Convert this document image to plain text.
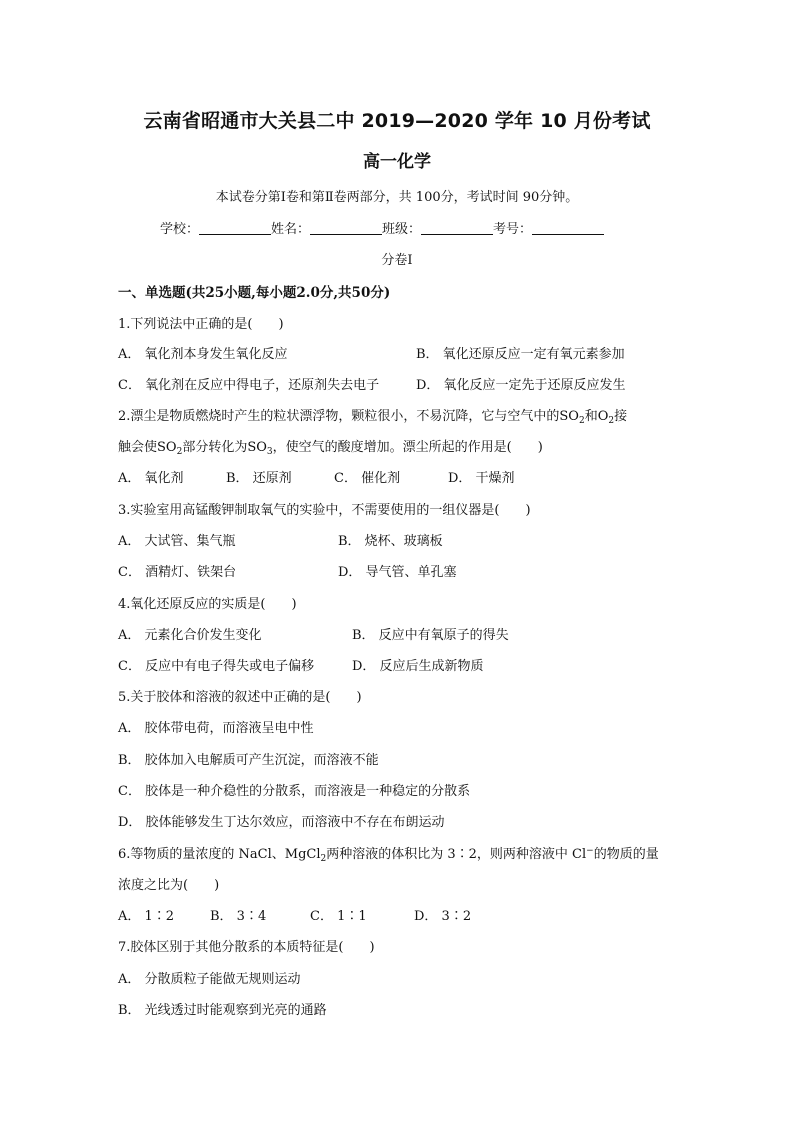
云南省昭通市大关县二中 2019—2020 学年 10 月份考试
高一化学
本试卷分第Ⅰ卷和第Ⅱ卷两部分，共 100分，考试时间 90分钟。
学校：	姓名：	班级：	考号：
分卷Ⅰ
一、单选题(共25小题,每小题2.0分,共50分)
1.下列说法中正确的是(　　)
A． 氧化剂本身发生氧化反应	B． 氧化还原反应一定有氧元素参加
C． 氧化剂在反应中得电子，还原剂失去电子	D． 氧化反应一定先于还原反应发生
2.漂尘是物质燃烧时产生的粒状漂浮物，颗粒很小，不易沉降，它与空气中的$SO_2$和$O_2$接
触会使$SO_2$部分转化为$SO_3$，使空气的酸度增加。漂尘所起的作用是(　　)
A． 氧化剂	B． 还原剂	C． 催化剂	D． 干燥剂
3.实验室用高锰酸钾制取氧气的实验中，不需要使用的一组仪器是(　　)
A． 大试管、集气瓶	B． 烧杯、玻璃板
C． 酒精灯、铁架台	D． 导气管、单孔塞
4.氧化还原反应的实质是(　　)
A． 元素化合价发生变化	B． 反应中有氧原子的得失
C． 反应中有电子得失或电子偏移	D． 反应后生成新物质
5.关于胶体和溶液的叙述中正确的是(　　)
A． 胶体带电荷，而溶液呈电中性
B． 胶体加入电解质可产生沉淀，而溶液不能
C． 胶体是一种介稳性的分散系，而溶液是一种稳定的分散系
D． 胶体能够发生丁达尔效应，而溶液中不存在布朗运动
6.等物质的量浓度的 NaCl、MgCl$_2$两种溶液的体积比为 3∶2，则两种溶液中 Cl−的物质的量
浓度之比为(　　)
A． 1∶2	B． 3∶4	C． 1∶1	D． 3∶2
7.胶体区别于其他分散系的本质特征是(　　)
A． 分散质粒子能做无规则运动
B． 光线透过时能观察到光亮的通路
